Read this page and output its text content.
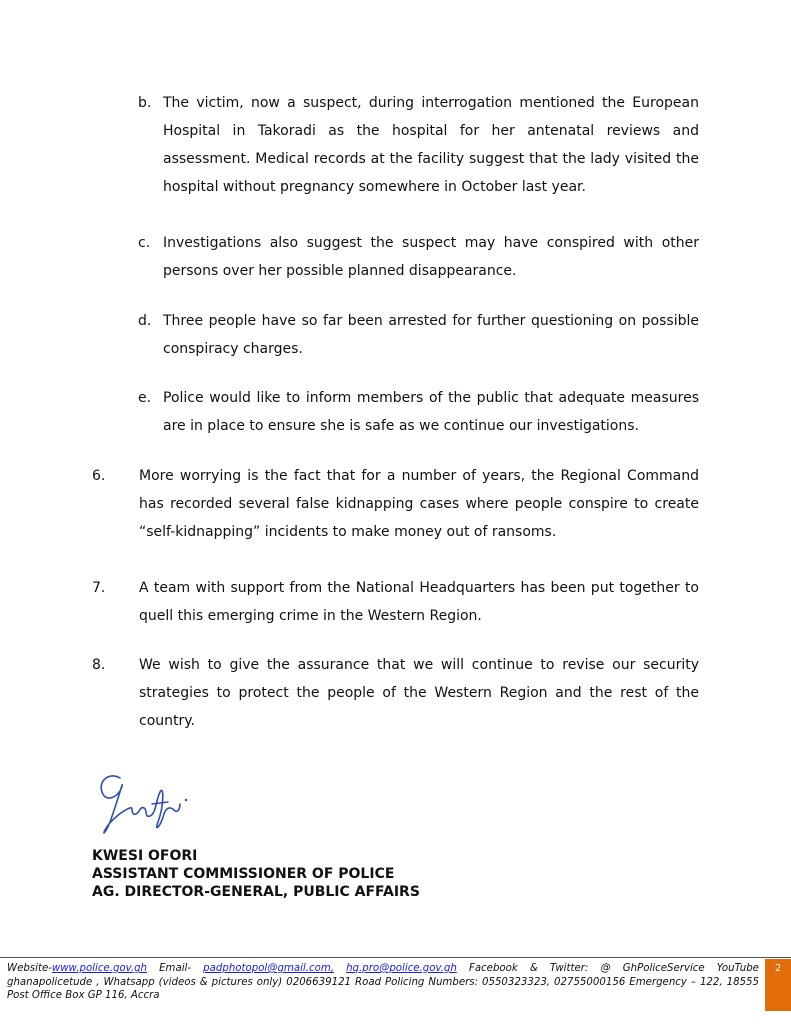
b. The victim, now a suspect, during interrogation mentioned the European Hospital in Takoradi as the hospital for her antenatal reviews and assessment. Medical records at the facility suggest that the lady visited the hospital without pregnancy somewhere in October last year.
c. Investigations also suggest the suspect may have conspired with other persons over her possible planned disappearance.
d. Three people have so far been arrested for further questioning on possible conspiracy charges.
e. Police would like to inform members of the public that adequate measures are in place to ensure she is safe as we continue our investigations.
6. More worrying is the fact that for a number of years, the Regional Command has recorded several false kidnapping cases where people conspire to create “self-kidnapping” incidents to make money out of ransoms.
7. A team with support from the National Headquarters has been put together to quell this emerging crime in the Western Region.
8. We wish to give the assurance that we will continue to revise our security strategies to protect the people of the Western Region and the rest of the country.
KWESI OFORI
ASSISTANT COMMISSIONER OF POLICE
AG. DIRECTOR-GENERAL, PUBLIC AFFAIRS
Website-www.police.gov.gh Email- padphotopol@gmail.com, hq.pro@police.gov.gh Facebook & Twitter: @ GhPoliceService YouTube ghanapolicetude , Whatsapp (videos & pictures only) 0206639121 Road Policing Numbers: 0550323323, 02755000156 Emergency – 122, 18555 Post Office Box GP 116, Accra
2
